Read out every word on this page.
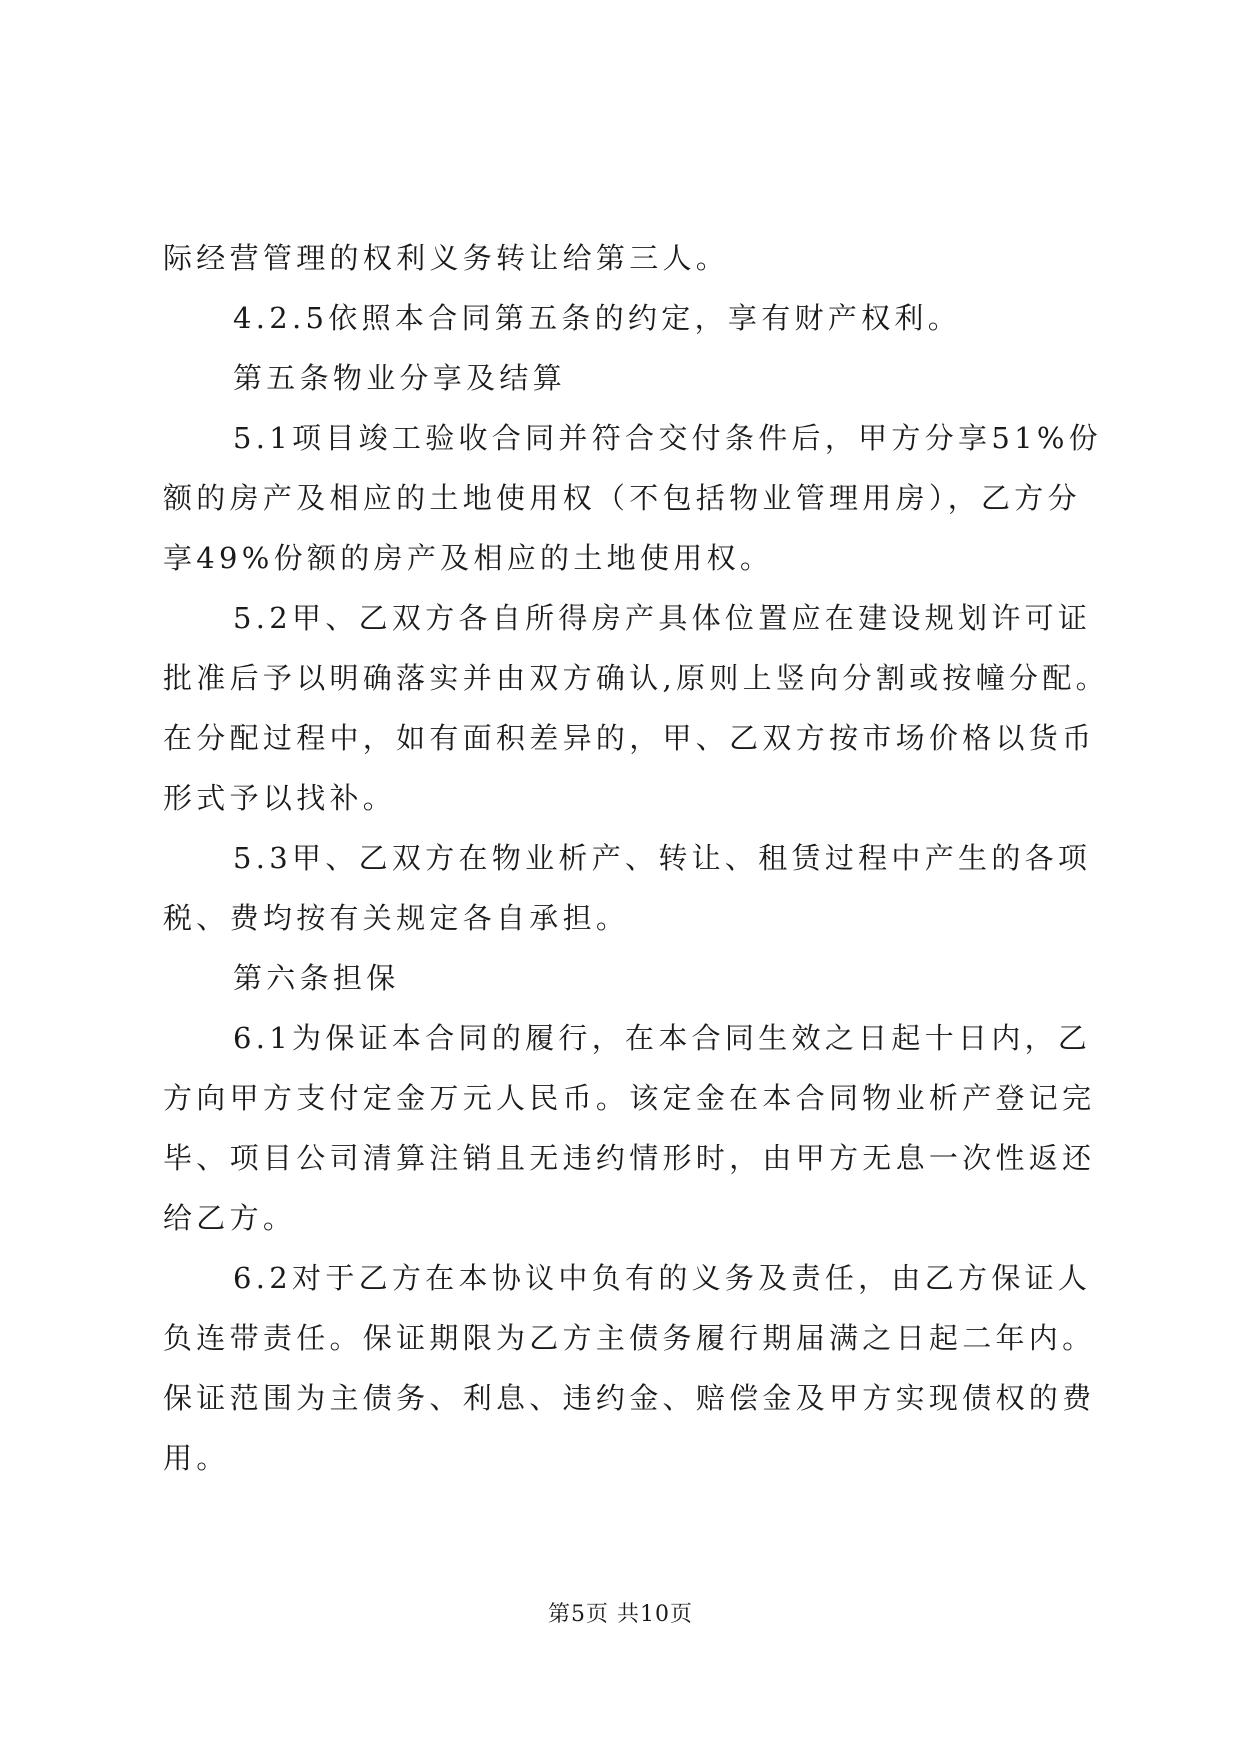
际经营管理的权利义务转让给第三人。

4.2.5依照本合同第五条的约定，享有财产权利。

第五条物业分享及结算

5.1项目竣工验收合同并符合交付条件后，甲方分享51%份

额的房产及相应的土地使用权（不包括物业管理用房），乙方分

享49%份额的房产及相应的土地使用权。

5.2甲、乙双方各自所得房产具体位置应在建设规划许可证

批准后予以明确落实并由双方确认,原则上竖向分割或按幢分配。

在分配过程中，如有面积差异的，甲、乙双方按市场价格以货币

形式予以找补。

5.3甲、乙双方在物业析产、转让、租赁过程中产生的各项

税、费均按有关规定各自承担。

第六条担保

6.1为保证本合同的履行，在本合同生效之日起十日内，乙

方向甲方支付定金万元人民币。该定金在本合同物业析产登记完

毕、项目公司清算注销且无违约情形时，由甲方无息一次性返还

给乙方。

6.2对于乙方在本协议中负有的义务及责任，由乙方保证人

负连带责任。保证期限为乙方主债务履行期届满之日起二年内。

保证范围为主债务、利息、违约金、赔偿金及甲方实现债权的费

用。

第5页 共10页
